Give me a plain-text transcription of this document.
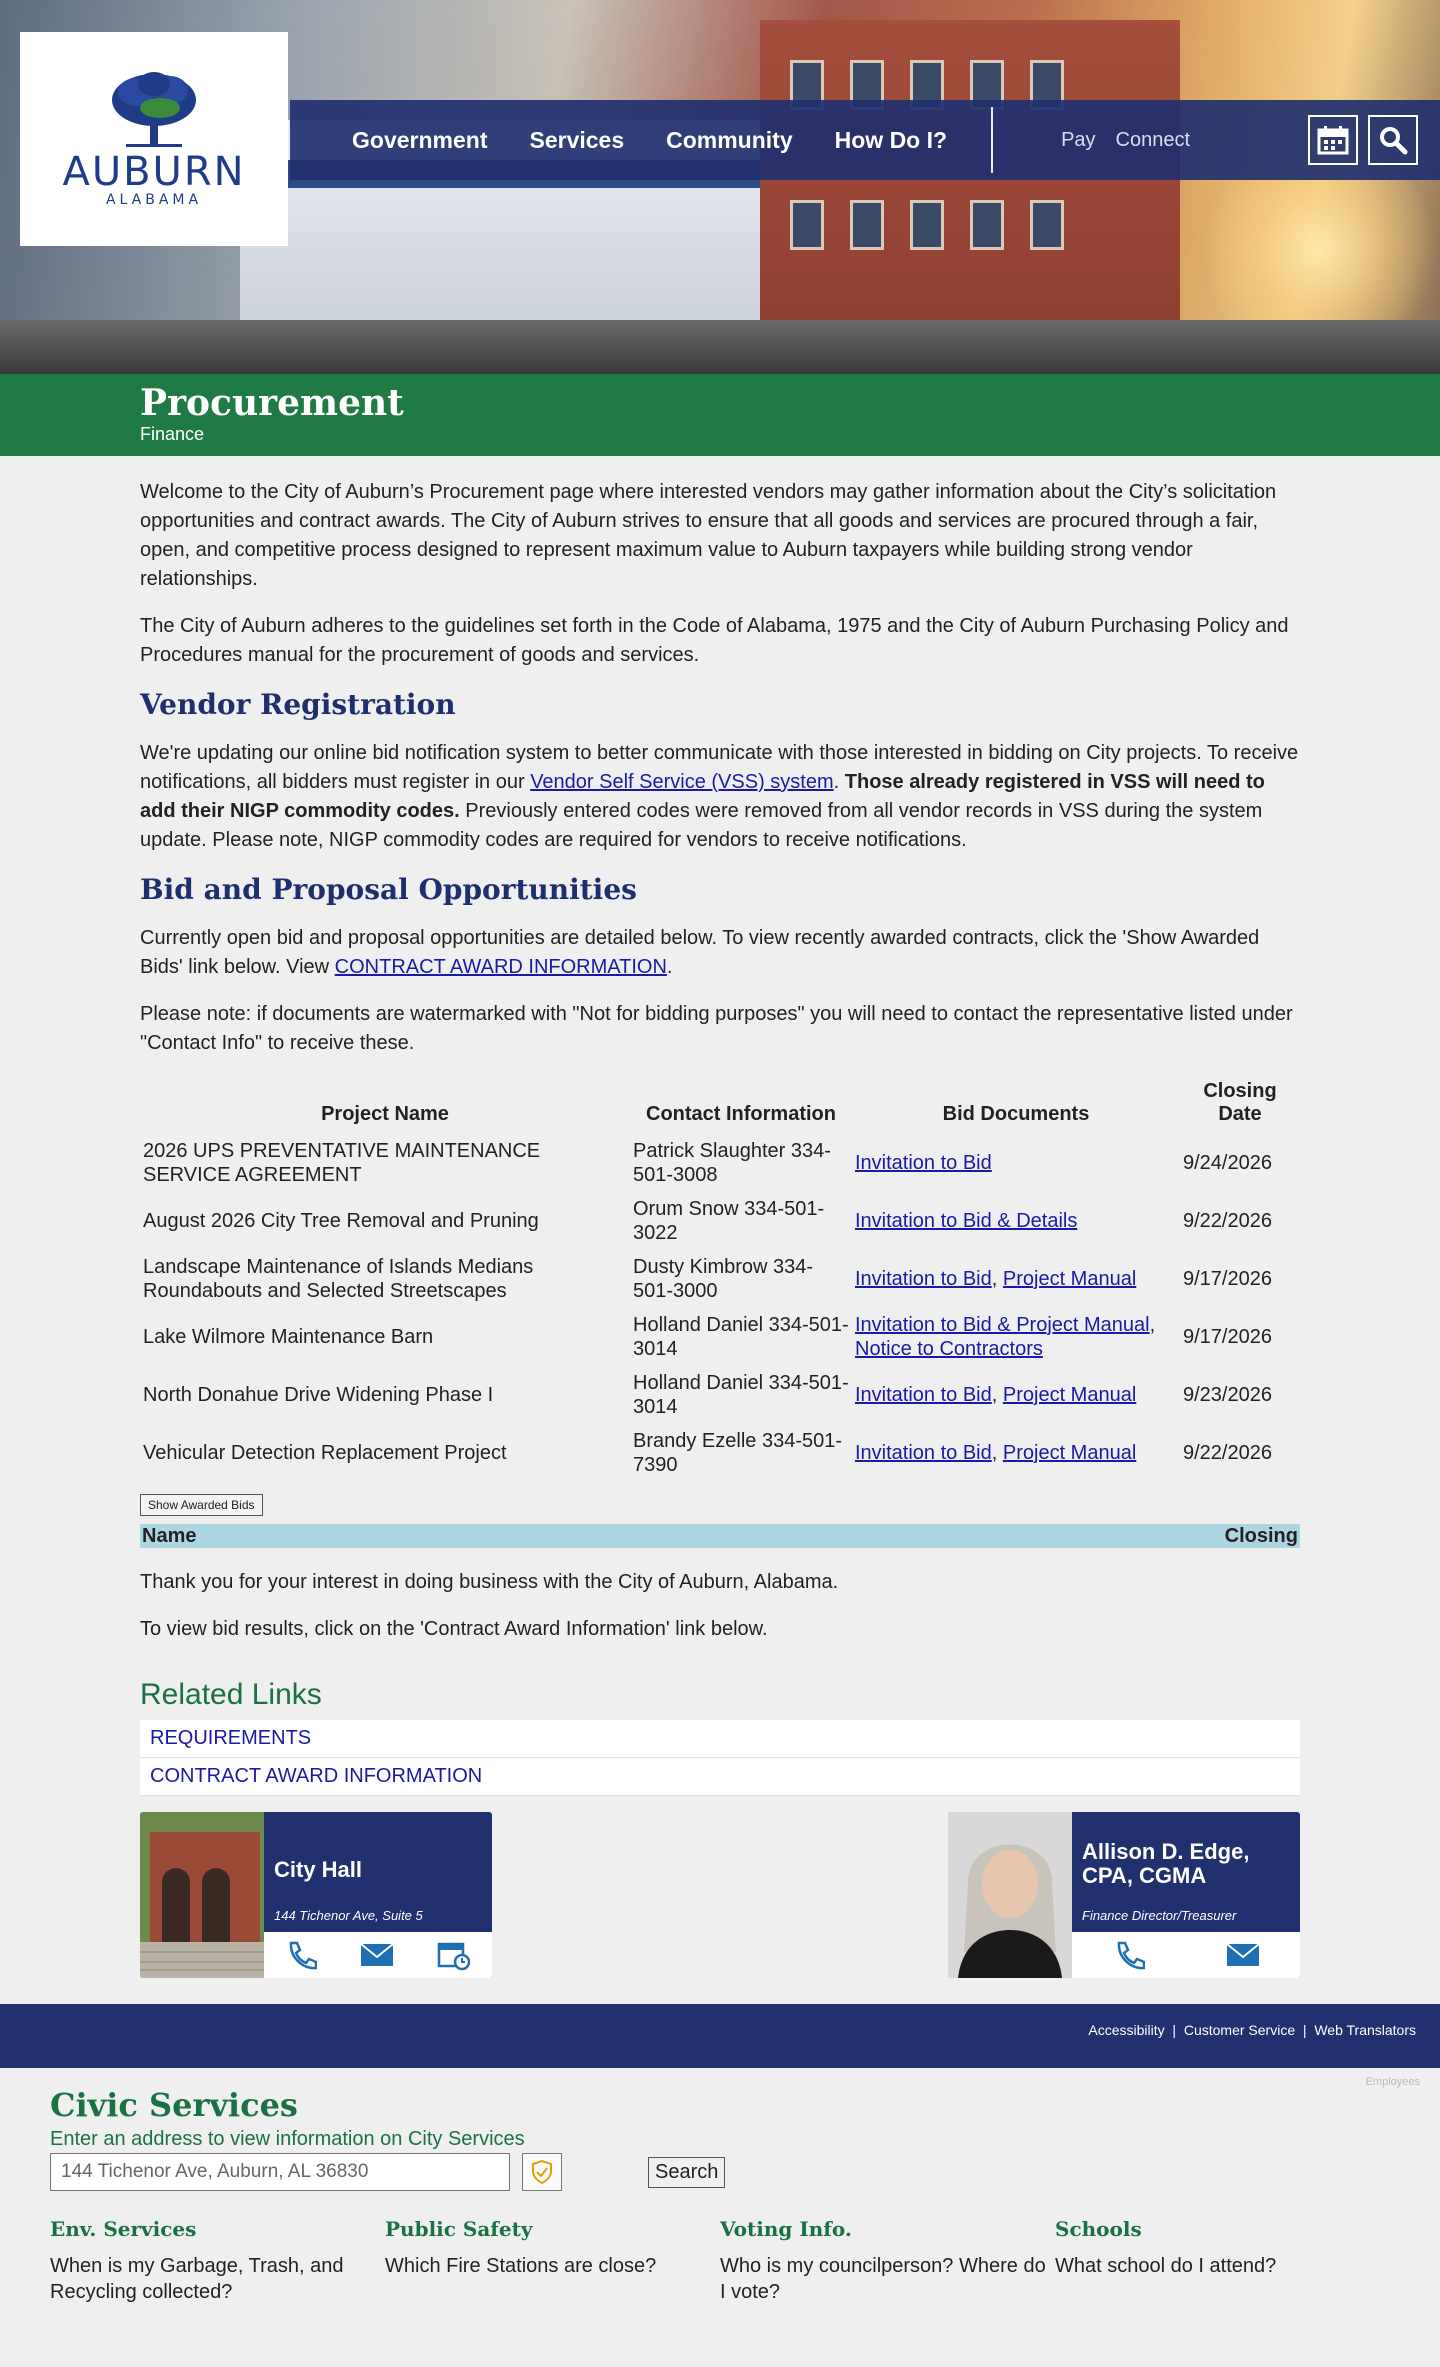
AUBURN
ALABAMA
Government Services Community How Do I?	Pay Connect
Procurement
Finance

Welcome to the City of Auburn’s Procurement page where interested vendors may gather information about the City’s solicitation opportunities and contract awards. The City of Auburn strives to ensure that all goods and services are procured through a fair, open, and competitive process designed to represent maximum value to Auburn taxpayers while building strong vendor relationships.

The City of Auburn adheres to the guidelines set forth in the Code of Alabama, 1975 and the City of Auburn Purchasing Policy and Procedures manual for the procurement of goods and services.

Vendor Registration

We're updating our online bid notification system to better communicate with those interested in bidding on City projects. To receive notifications, all bidders must register in our Vendor Self Service (VSS) system. Those already registered in VSS will need to add their NIGP commodity codes. Previously entered codes were removed from all vendor records in VSS during the system update. Please note, NIGP commodity codes are required for vendors to receive notifications.

Bid and Proposal Opportunities

Currently open bid and proposal opportunities are detailed below. To view recently awarded contracts, click the 'Show Awarded Bids' link below. View CONTRACT AWARD INFORMATION.

Please note: if documents are watermarked with "Not for bidding purposes" you will need to contact the representative listed under "Contact Info" to receive these.

Project Name	Contact Information	Bid Documents	Closing Date
2026 UPS PREVENTATIVE MAINTENANCE SERVICE AGREEMENT	Patrick Slaughter 334-501-3008	Invitation to Bid	9/24/2026
August 2026 City Tree Removal and Pruning	Orum Snow 334-501-3022	Invitation to Bid & Details	9/22/2026
Landscape Maintenance of Islands Medians Roundabouts and Selected Streetscapes	Dusty Kimbrow 334-501-3000	Invitation to Bid, Project Manual	9/17/2026
Lake Wilmore Maintenance Barn	Holland Daniel 334-501-3014	Invitation to Bid & Project Manual, Notice to Contractors	9/17/2026
North Donahue Drive Widening Phase I	Holland Daniel 334-501-3014	Invitation to Bid, Project Manual	9/23/2026
Vehicular Detection Replacement Project	Brandy Ezelle 334-501-7390	Invitation to Bid, Project Manual	9/22/2026
Show Awarded Bids
Name	Closing

Thank you for your interest in doing business with the City of Auburn, Alabama.

To view bid results, click on the 'Contract Award Information' link below.

Related Links
REQUIREMENTS
CONTRACT AWARD INFORMATION
City Hall
144 Tichenor Ave, Suite 5
Allison D. Edge, CPA, CGMA
Finance Director/Treasurer
Accessibility  |  Customer Service  |  Web Translators
Employees
Civic Services
Enter an address to view information on City Services
144 Tichenor Ave, Auburn, AL 36830	Search
Env. Services
When is my Garbage, Trash, and Recycling collected?
Public Safety
Which Fire Stations are close?
Voting Info.
Who is my councilperson? Where do I vote?
Schools
What school do I attend?
